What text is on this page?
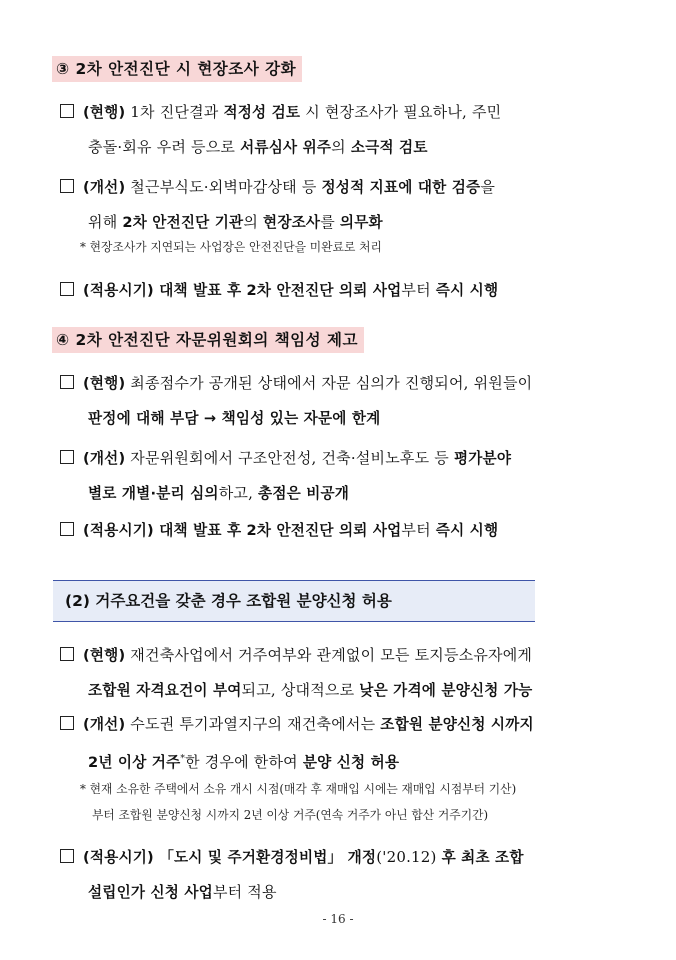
③ 2차 안전진단 시 현장조사 강화
(현행) 1차 진단결과 적정성 검토 시 현장조사가 필요하나, 주민
충돌·회유 우려 등으로 서류심사 위주의 소극적 검토
(개선) 철근부식도·외벽마감상태 등 정성적 지표에 대한 검증을
위해 2차 안전진단 기관의 현장조사를 의무화
* 현장조사가 지연되는 사업장은 안전진단을 미완료로 처리
(적용시기) 대책 발표 후 2차 안전진단 의뢰 사업부터 즉시 시행
④ 2차 안전진단 자문위원회의 책임성 제고
(현행) 최종점수가 공개된 상태에서 자문 심의가 진행되어, 위원들이
판정에 대해 부담 → 책임성 있는 자문에 한계
(개선) 자문위원회에서 구조안전성, 건축·설비노후도 등 평가분야
별로 개별·분리 심의하고, 총점은 비공개
(적용시기) 대책 발표 후 2차 안전진단 의뢰 사업부터 즉시 시행
(2) 거주요건을 갖춘 경우 조합원 분양신청 허용
(현행) 재건축사업에서 거주여부와 관계없이 모든 토지등소유자에게
조합원 자격요건이 부여되고, 상대적으로 낮은 가격에 분양신청 가능
(개선) 수도권 투기과열지구의 재건축에서는 조합원 분양신청 시까지
2년 이상 거주*한 경우에 한하여 분양 신청 허용
* 현재 소유한 주택에서 소유 개시 시점(매각 후 재매입 시에는 재매입 시점부터 기산)
부터 조합원 분양신청 시까지 2년 이상 거주(연속 거주가 아닌 합산 거주기간)
(적용시기) 「도시 및 주거환경정비법」 개정('20.12) 후 최초 조합
설립인가 신청 사업부터 적용
- 16 -
